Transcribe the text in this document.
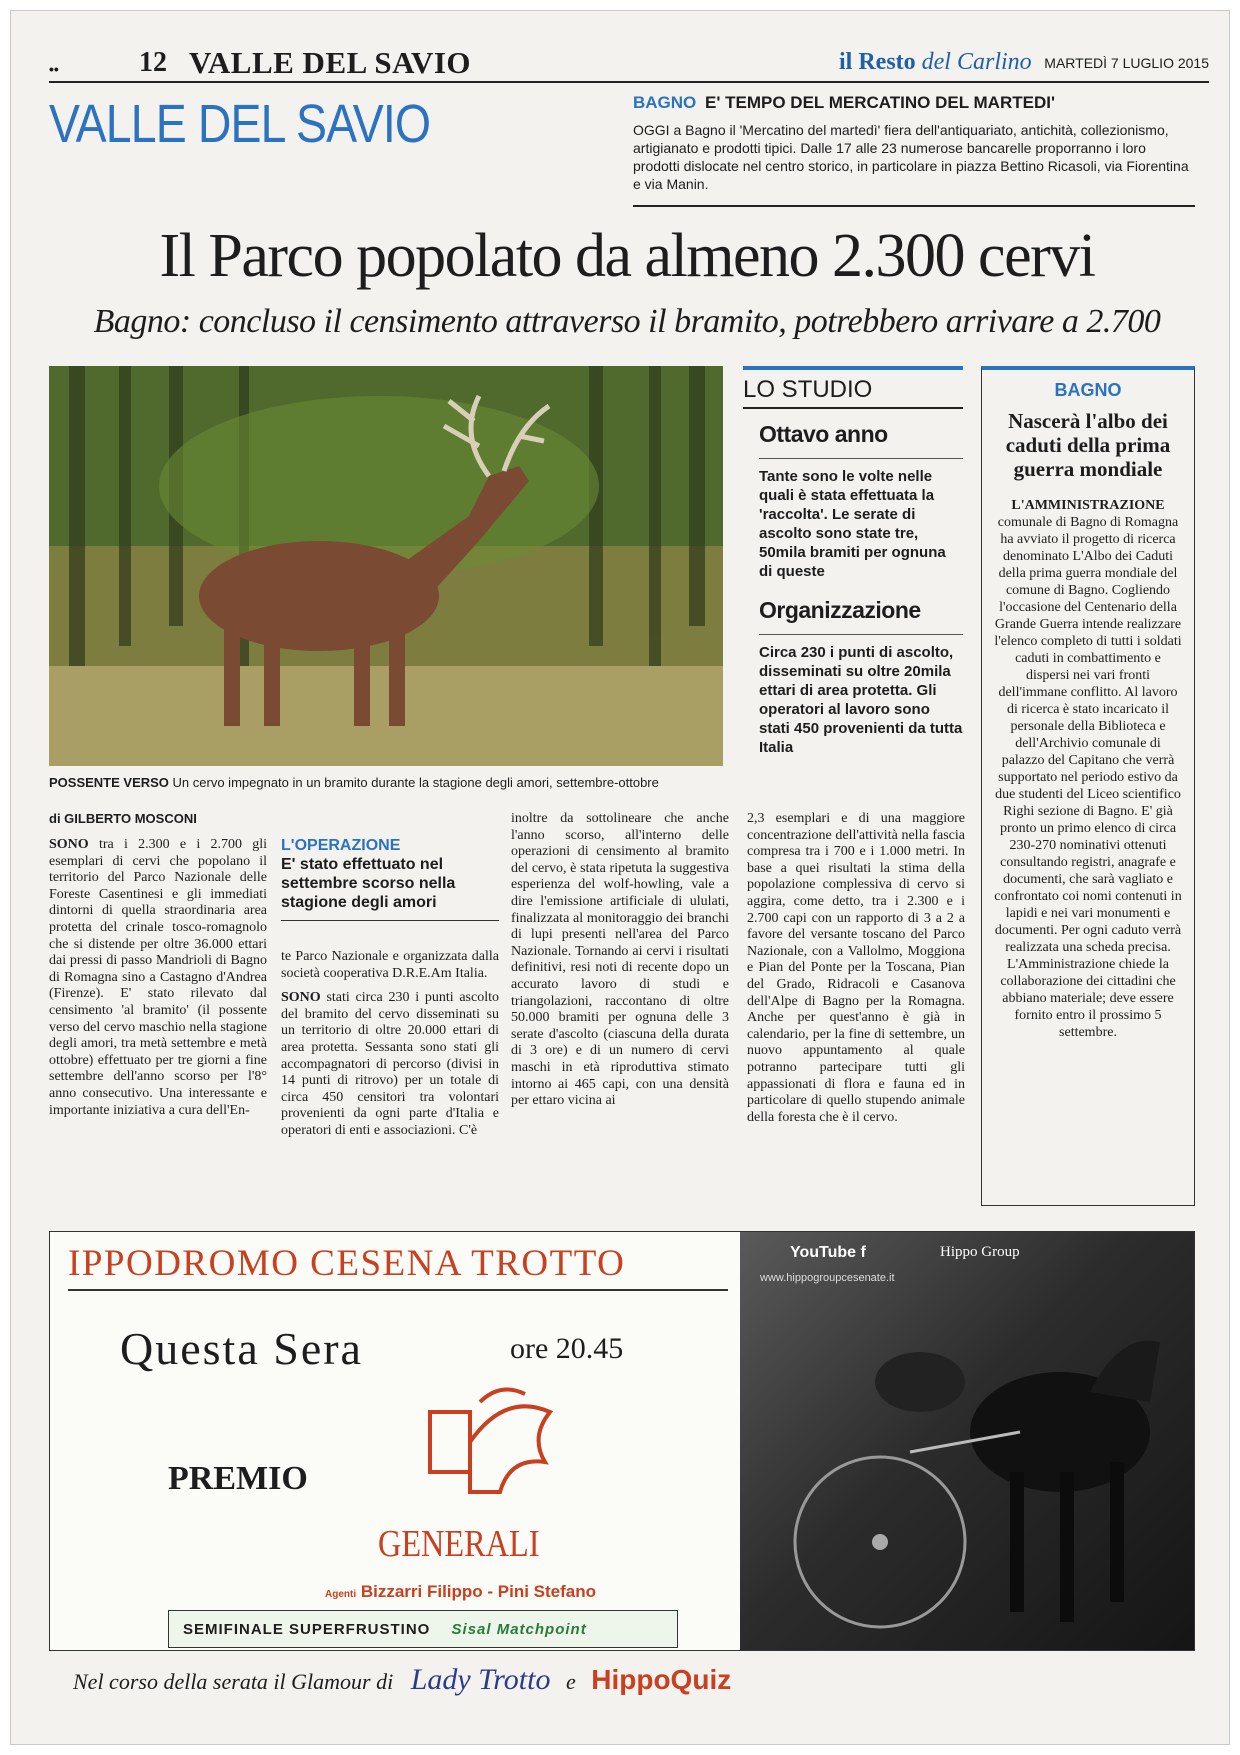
••	12 VALLE DEL SAVIO	il Resto del Carlino MARTEDÌ 7 LUGLIO 2015
VALLE DEL SAVIO	BAGNO E' TEMPO DEL MERCATINO DEL MARTEDI'
OGGI a Bagno il 'Mercatino del martedì' fiera dell'antiquariato, antichità, collezionismo, artigianato e prodotti tipici. Dalle 17 alle 23 numerose bancarelle proporranno i loro prodotti dislocate nel centro storico, in particolare in piazza Bettino Ricasoli, via Fiorentina e via Manin.
Il Parco popolato da almeno 2.300 cervi
Bagno: concluso il censimento attraverso il bramito, potrebbero arrivare a 2.700
POSSENTE VERSO Un cervo impegnato in un bramito durante la stagione degli amori, settembre-ottobre
LO STUDIO
Ottavo anno
Tante sono le volte nelle quali è stata effettuata la 'raccolta'. Le serate di ascolto sono state tre, 50mila bramiti per ognuna di queste
Organizzazione
Circa 230 i punti di ascolto, disseminati su oltre 20mila ettari di area protetta. Gli operatori al lavoro sono stati 450 provenienti da tutta Italia
BAGNO
Nascerà l'albo dei caduti della prima guerra mondiale
L'AMMINISTRAZIONE comunale di Bagno di Romagna ha avviato il progetto di ricerca denominato L'Albo dei Caduti della prima guerra mondiale del comune di Bagno. Cogliendo l'occasione del Centenario della Grande Guerra intende realizzare l'elenco completo di tutti i soldati caduti in combattimento e dispersi nei vari fronti dell'immane conflitto. Al lavoro di ricerca è stato incaricato il personale della Biblioteca e dell'Archivio comunale di palazzo del Capitano che verrà supportato nel periodo estivo da due studenti del Liceo scientifico Righi sezione di Bagno. E' già pronto un primo elenco di circa 230-270 nominativi ottenuti consultando registri, anagrafe e documenti, che sarà vagliato e confrontato coi nomi contenuti in lapidi e nei vari monumenti e documenti. Per ogni caduto verrà realizzata una scheda precisa. L'Amministrazione chiede la collaborazione dei cittadini che abbiano materiale; deve essere fornito entro il prossimo 5 settembre.
di GILBERTO MOSCONI
SONO tra i 2.300 e i 2.700 gli esemplari di cervi che popolano il territorio del Parco Nazionale delle Foreste Casentinesi e gli immediati dintorni di quella straordinaria area protetta del crinale tosco-romagnolo che si distende per oltre 36.000 ettari dai pressi di passo Mandrioli di Bagno di Romagna sino a Castagno d'Andrea (Firenze). E' stato rilevato dal censimento 'al bramito' (il possente verso del cervo maschio nella stagione degli amori, tra metà settembre e metà ottobre) effettuato per tre giorni a fine settembre dell'anno scorso per l'8° anno consecutivo. Una interessante e importante iniziativa a cura dell'En-
L'OPERAZIONE
E' stato effettuato nel settembre scorso nella stagione degli amori

te Parco Nazionale e organizzata dalla società cooperativa D.R.E.Am Italia.

SONO stati circa 230 i punti ascolto del bramito del cervo disseminati su un territorio di oltre 20.000 ettari di area protetta. Sessanta sono stati gli accompagnatori di percorso (divisi in 14 punti di ritrovo) per un totale di circa 450 censitori tra volontari provenienti da ogni parte d'Italia e operatori di enti e associazioni. C'è

inoltre da sottolineare che anche l'anno scorso, all'interno delle operazioni di censimento al bramito del cervo, è stata ripetuta la suggestiva esperienza del wolf-howling, vale a dire l'emissione artificiale di ululati, finalizzata al monitoraggio dei branchi di lupi presenti nell'area del Parco Nazionale. Tornando ai cervi i risultati definitivi, resi noti di recente dopo un accurato lavoro di studi e triangolazioni, raccontano di oltre 50.000 bramiti per ognuna delle 3 serate d'ascolto (ciascuna della durata di 3 ore) e di un numero di cervi maschi in età riproduttiva stimato intorno ai 465 capi, con una densità per ettaro vicina ai
2,3 esemplari e di una maggiore concentrazione dell'attività nella fascia compresa tra i 700 e i 1.000 metri. In base a quei risultati la stima della popolazione complessiva di cervo si aggira, come detto, tra i 2.300 e i 2.700 capi con un rapporto di 3 a 2 a favore del versante toscano del Parco Nazionale, con a Vallolmo, Moggiona e Pian del Ponte per la Toscana, Pian del Grado, Ridracoli e Casanova dell'Alpe di Bagno per la Romagna. Anche per quest'anno è già in calendario, per la fine di settembre, un nuovo appuntamento al quale potranno partecipare tutti gli appassionati di flora e fauna ed in particolare di quello stupendo animale della foresta che è il cervo.
IPPODROMO CESENA TROTTO
Questa Sera	ore 20.45
PREMIO
GENERALI
Agenti Bizzarri Filippo - Pini Stefano
SEMIFINALE SUPERFRUSTINO Sisal Matchpoint
YouTube f	Hippo Group
www.hippogroupcesenate.it
Nel corso della serata il Glamour di Lady Trotto e HippoQuiz
